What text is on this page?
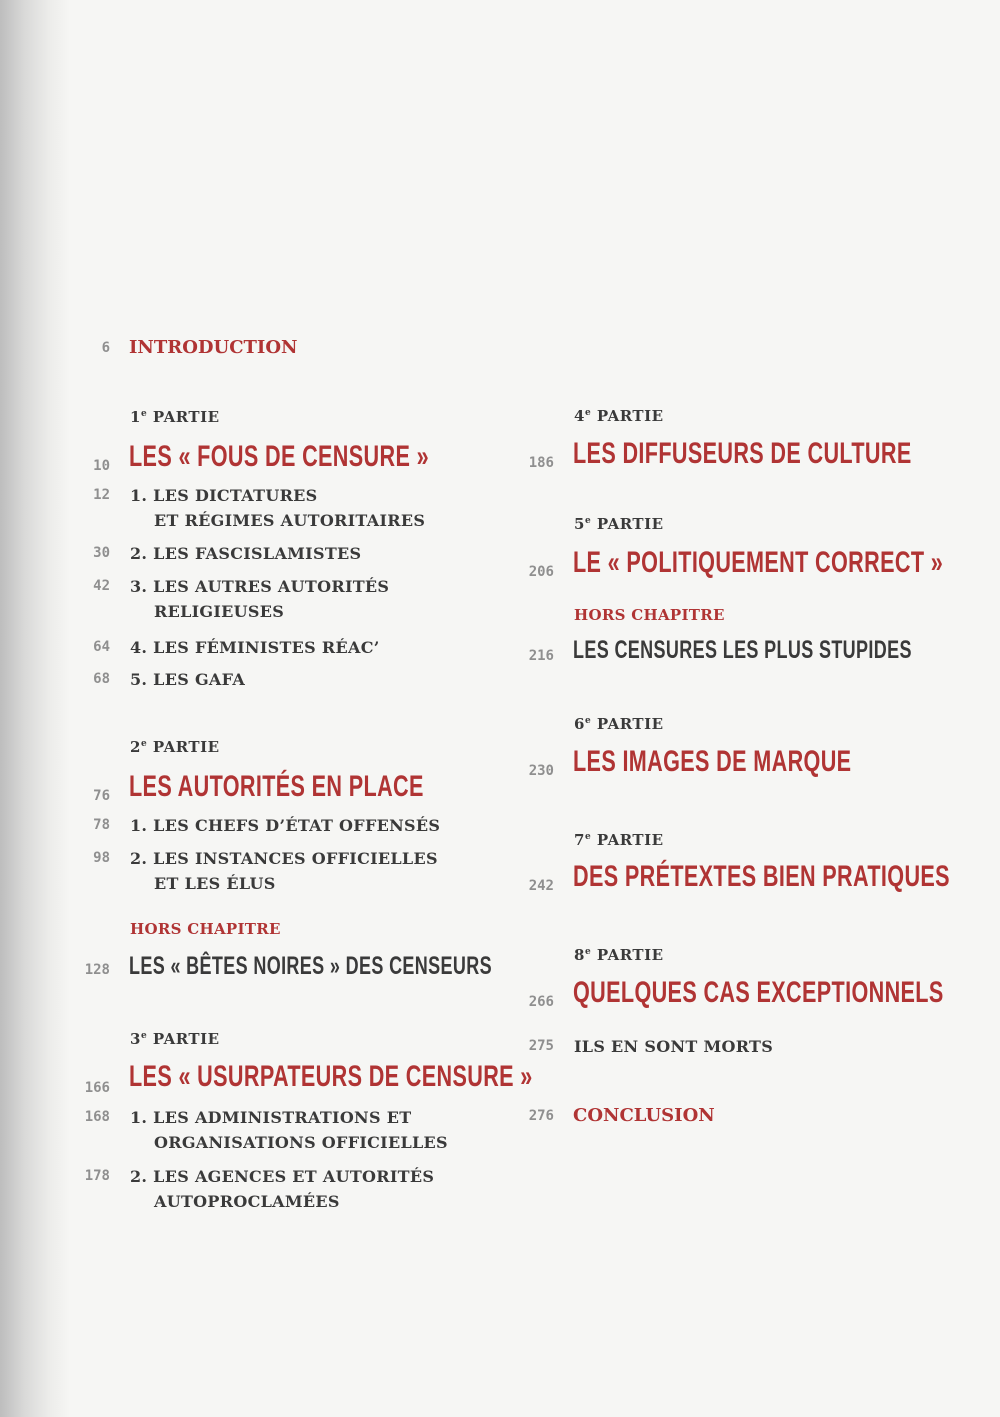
6 INTRODUCTION
1e PARTIE
10 LES « FOUS DE CENSURE »
12 1. LES DICTATURES
ET RÉGIMES AUTORITAIRES
30 2. LES FASCISLAMISTES
42 3. LES AUTRES AUTORITÉS
RELIGIEUSES
64 4. LES FÉMINISTES RÉAC’
68 5. LES GAFA
2e PARTIE
76 LES AUTORITÉS EN PLACE
78 1. LES CHEFS D’ÉTAT OFFENSÉS
98 2. LES INSTANCES OFFICIELLES
ET LES ÉLUS
HORS CHAPITRE
128 LES « BÊTES NOIRES » DES CENSEURS
3e PARTIE
166 LES « USURPATEURS DE CENSURE »
168 1. LES ADMINISTRATIONS ET
ORGANISATIONS OFFICIELLES
178 2. LES AGENCES ET AUTORITÉS
AUTOPROCLAMÉES
4e PARTIE
186 LES DIFFUSEURS DE CULTURE
5e PARTIE
206 LE « POLITIQUEMENT CORRECT »
HORS CHAPITRE
216 LES CENSURES LES PLUS STUPIDES
6e PARTIE
230 LES IMAGES DE MARQUE
7e PARTIE
242 DES PRÉTEXTES BIEN PRATIQUES
8e PARTIE
266 QUELQUES CAS EXCEPTIONNELS
275 ILS EN SONT MORTS
276 CONCLUSION
